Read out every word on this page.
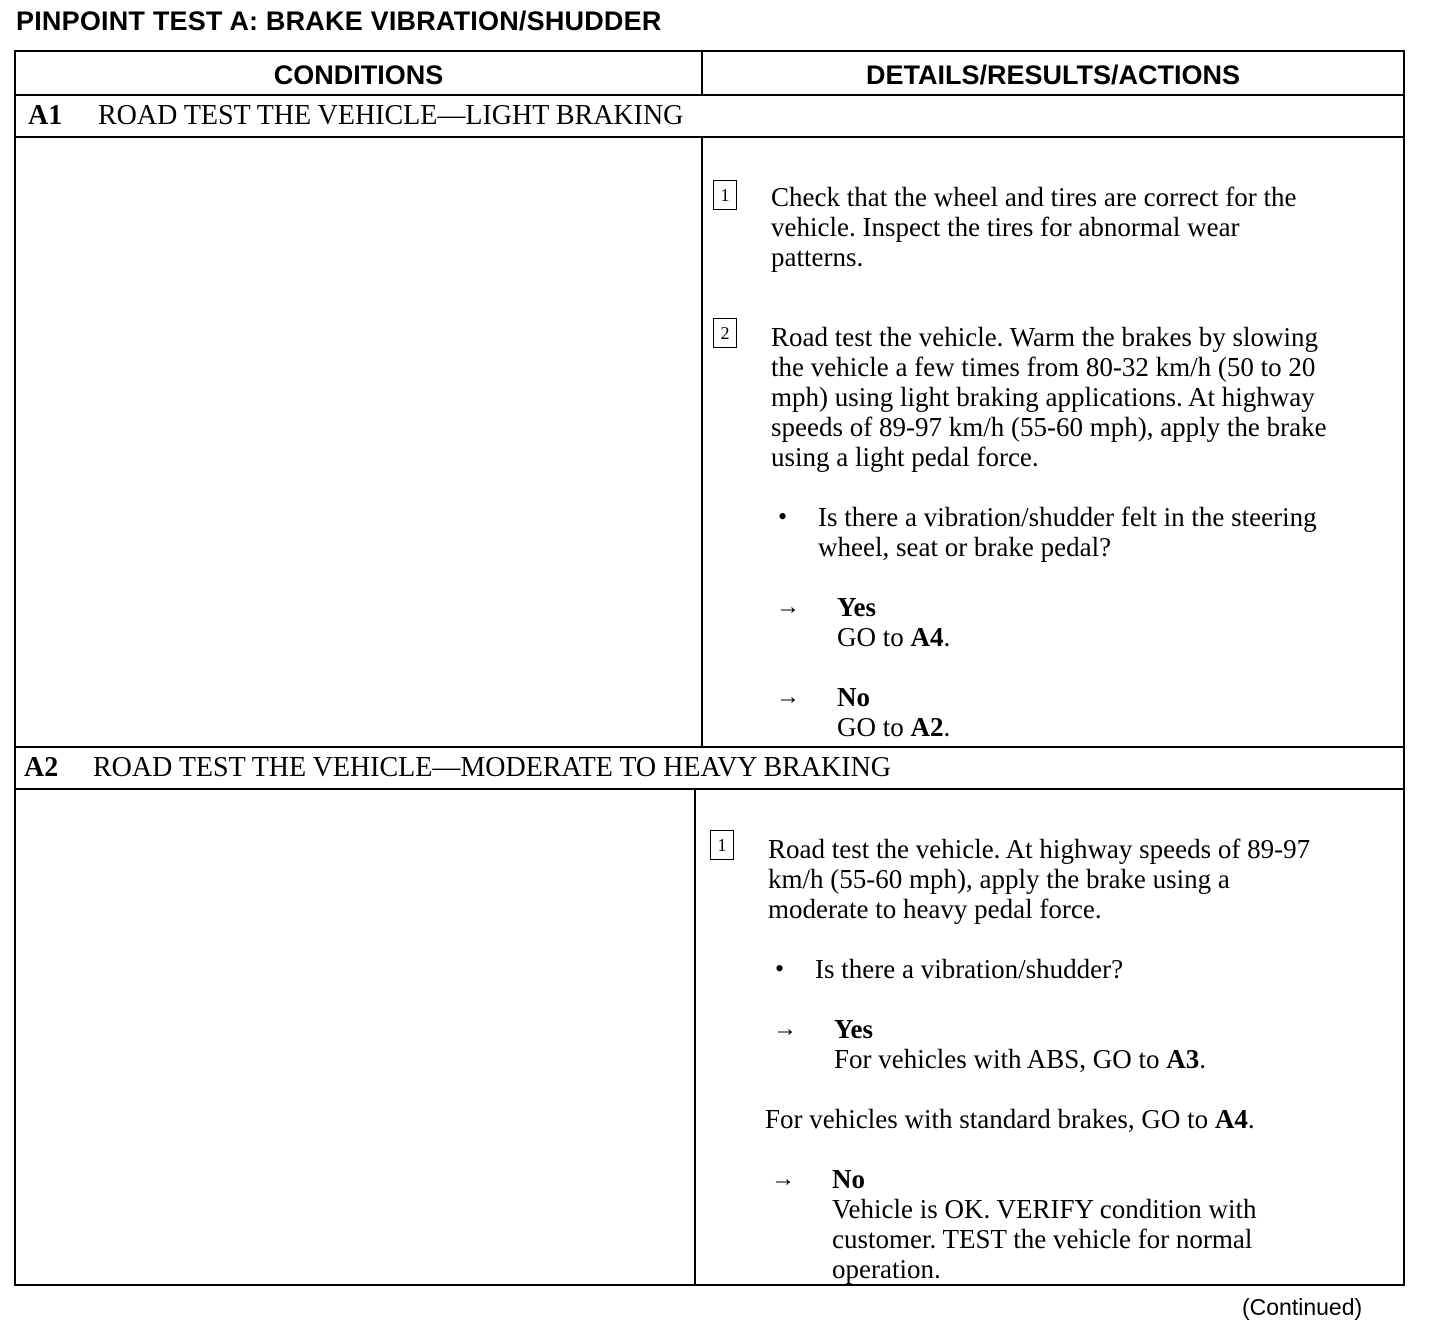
PINPOINT TEST A: BRAKE VIBRATION/SHUDDER
CONDITIONS	DETAILS/RESULTS/ACTIONS
A1 ROAD TEST THE VEHICLE—LIGHT BRAKING
1 Check that the wheel and tires are correct for the
vehicle. Inspect the tires for abnormal wear
patterns.
2 Road test the vehicle. Warm the brakes by slowing
the vehicle a few times from 80-32 km/h (50 to 20
mph) using light braking applications. At highway
speeds of 89-97 km/h (55-60 mph), apply the brake
using a light pedal force.
• Is there a vibration/shudder felt in the steering
wheel, seat or brake pedal?
→ Yes
GO to A4.
→ No
GO to A2.
A2 ROAD TEST THE VEHICLE—MODERATE TO HEAVY BRAKING
1 Road test the vehicle. At highway speeds of 89-97
km/h (55-60 mph), apply the brake using a
moderate to heavy pedal force.
• Is there a vibration/shudder?
→ Yes
For vehicles with ABS, GO to A3.
For vehicles with standard brakes, GO to A4.
→ No
Vehicle is OK. VERIFY condition with
customer. TEST the vehicle for normal
operation.
(Continued)
